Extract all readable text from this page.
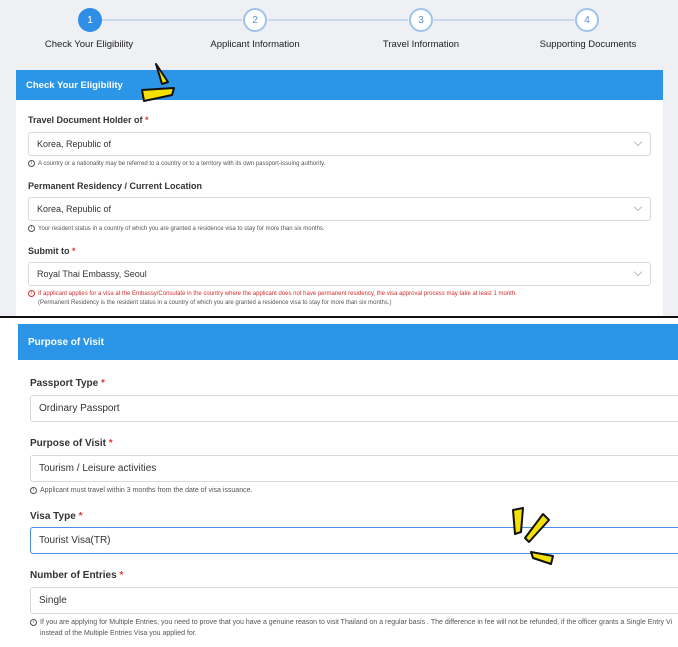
1	2	3	4
Check Your Eligibility	Applicant Information	Travel Information	Supporting Documents
Check Your Eligibility
Travel Document Holder of *
Korea, Republic of
i A country or a nationality may be referred to a country or to a territory with its own passport-issuing authority.
Permanent Residency / Current Location
Korea, Republic of
i Your resident status in a country of which you are granted a residence visa to stay for more than six months.
Submit to *
Royal Thai Embassy, Seoul
i If applicant applies for a visa at the Embassy/Consulate in the country where the applicant does not have permanent residency, the visa approval process may take at least 1 month.
(Permanent Residency is the resident status in a country of which you are granted a residence visa to stay for more than six months.)
Purpose of Visit
Passport Type *
Ordinary Passport
Purpose of Visit *
Tourism / Leisure activities
i Applicant must travel within 3 months from the date of visa issuance.
Visa Type *
Tourist Visa(TR)
Number of Entries *
Single
i If you are applying for Multiple Entries, you need to prove that you have a genuine reason to visit Thailand on a regular basis . The difference in fee will not be refunded, if the officer grants a Single Entry Vi
instead of the Multiple Entries Visa you applied for.
